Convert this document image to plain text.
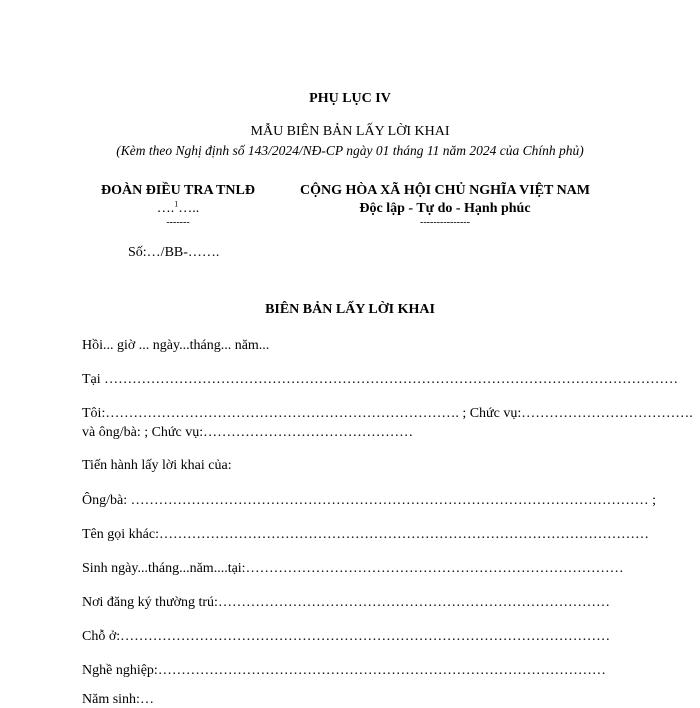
PHỤ LỤC IV
MẪU BIÊN BẢN LẤY LỜI KHAI
(Kèm theo Nghị định số 143/2024/NĐ-CP ngày 01 tháng 11 năm 2024 của Chính phủ)
ĐOÀN ĐIỀU TRA TNLĐ
….$^1$…..
-------
Số:…/BB-…….
CỘNG HÒA XÃ HỘI CHỦ NGHĨA VIỆT NAM
Độc lập - Tự do - Hạnh phúc
---------------
BIÊN BẢN LẤY LỜI KHAI
Hồi... giờ ... ngày...tháng... năm...
Tại ……………………………………………………………………………………………………………
Tôi:…………………………………………………………………. ; Chức vụ:……………………………….
và ông/bà: ; Chức vụ:………………………………………
Tiến hành lấy lời khai của:
Ông/bà: ………………………………………………………………………………………………… ;
Tên gọi khác:……………………………………………………………………………………………
Sinh ngày...tháng...năm....tại:………………………………………………………………………
Nơi đăng ký thường trú:…………………………………………………………………………
Chỗ ở:……………………………………………………………………………………………
Nghề nghiệp:……………………………………………………………………………………
Năm sinh:…
